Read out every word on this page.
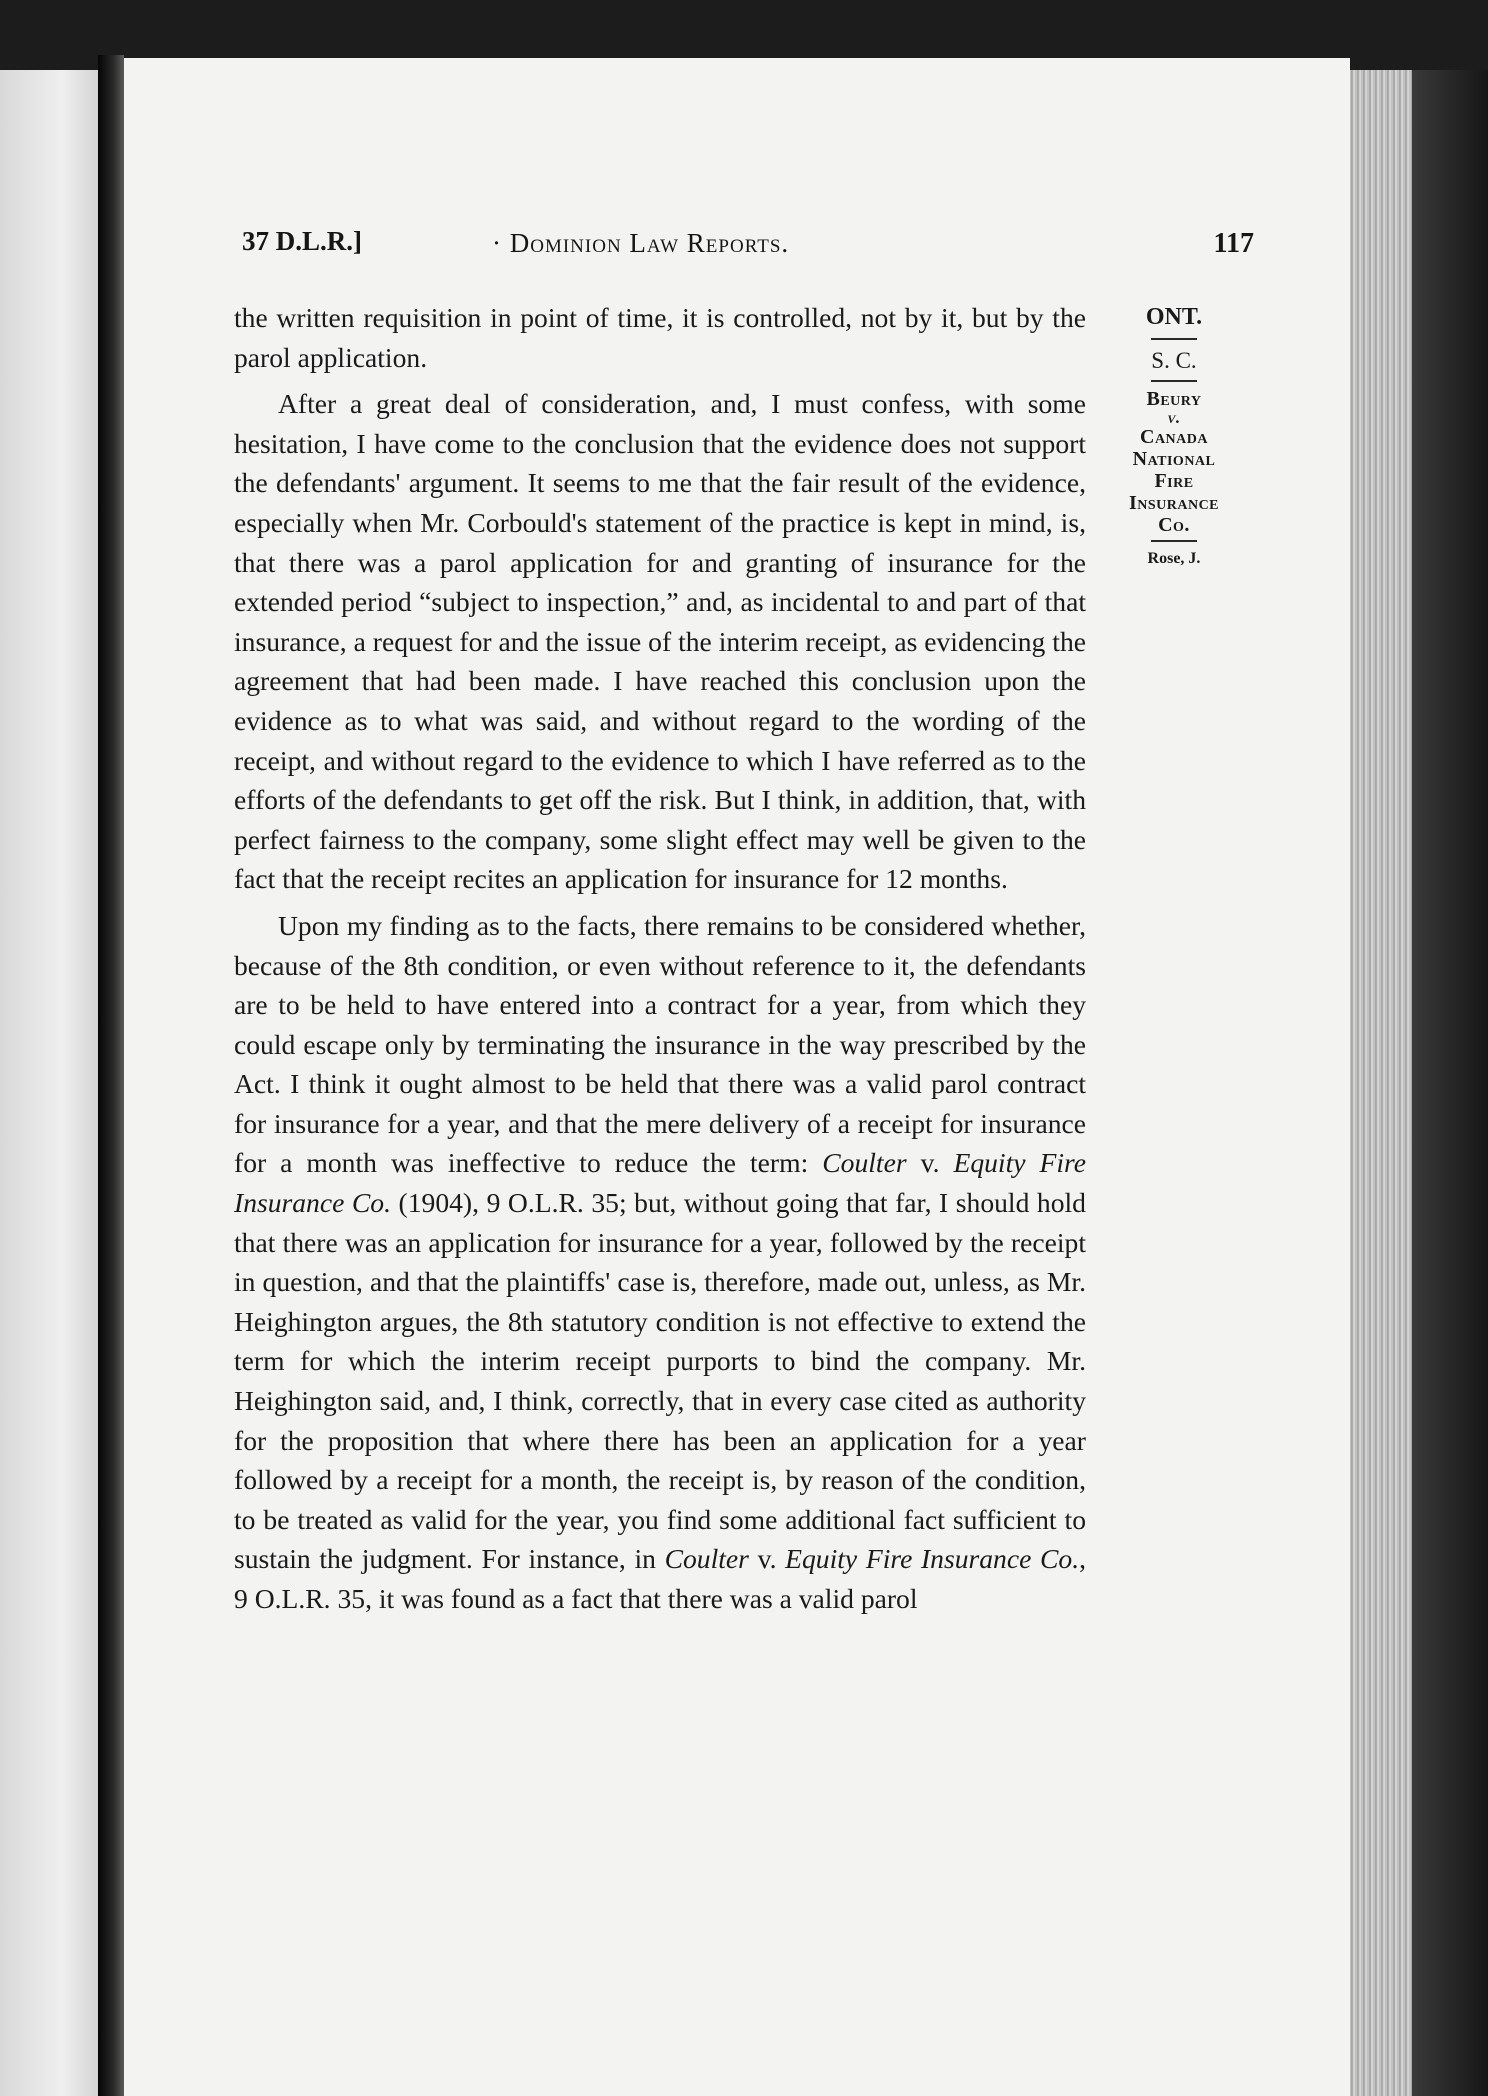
37 D.L.R.]	· Dominion Law Reports.	117
ONT.
S. C.
Beury
v.
Canada
National
Fire
Insurance
Co.
Rose, J.

the written requisition in point of time, it is controlled, not by it, but by the parol application.

After a great deal of consideration, and, I must confess, with some hesitation, I have come to the conclusion that the evidence does not support the defendants' argument. It seems to me that the fair result of the evidence, especially when Mr. Corbould's statement of the practice is kept in mind, is, that there was a parol application for and granting of insurance for the extended period “subject to inspection,” and, as incidental to and part of that insurance, a request for and the issue of the interim receipt, as evidencing the agreement that had been made. I have reached this conclusion upon the evidence as to what was said, and without regard to the wording of the receipt, and without regard to the evidence to which I have referred as to the efforts of the defendants to get off the risk. But I think, in addition, that, with perfect fairness to the company, some slight effect may well be given to the fact that the receipt recites an application for insurance for 12 months.

Upon my finding as to the facts, there remains to be considered whether, because of the 8th condition, or even without reference to it, the defendants are to be held to have entered into a contract for a year, from which they could escape only by terminating the insurance in the way prescribed by the Act. I think it ought almost to be held that there was a valid parol contract for insurance for a year, and that the mere delivery of a receipt for insurance for a month was ineffective to reduce the term: Coulter v. Equity Fire Insurance Co. (1904), 9 O.L.R. 35; but, without going that far, I should hold that there was an application for insurance for a year, followed by the receipt in question, and that the plaintiffs' case is, therefore, made out, unless, as Mr. Heighington argues, the 8th statutory condition is not effective to extend the term for which the interim receipt purports to bind the company. Mr. Heighington said, and, I think, correctly, that in every case cited as authority for the proposition that where there has been an application for a year followed by a receipt for a month, the receipt is, by reason of the condition, to be treated as valid for the year, you find some additional fact sufficient to sustain the judgment. For instance, in Coulter v. Equity Fire Insurance Co., 9 O.L.R. 35, it was found as a fact that there was a valid parol
